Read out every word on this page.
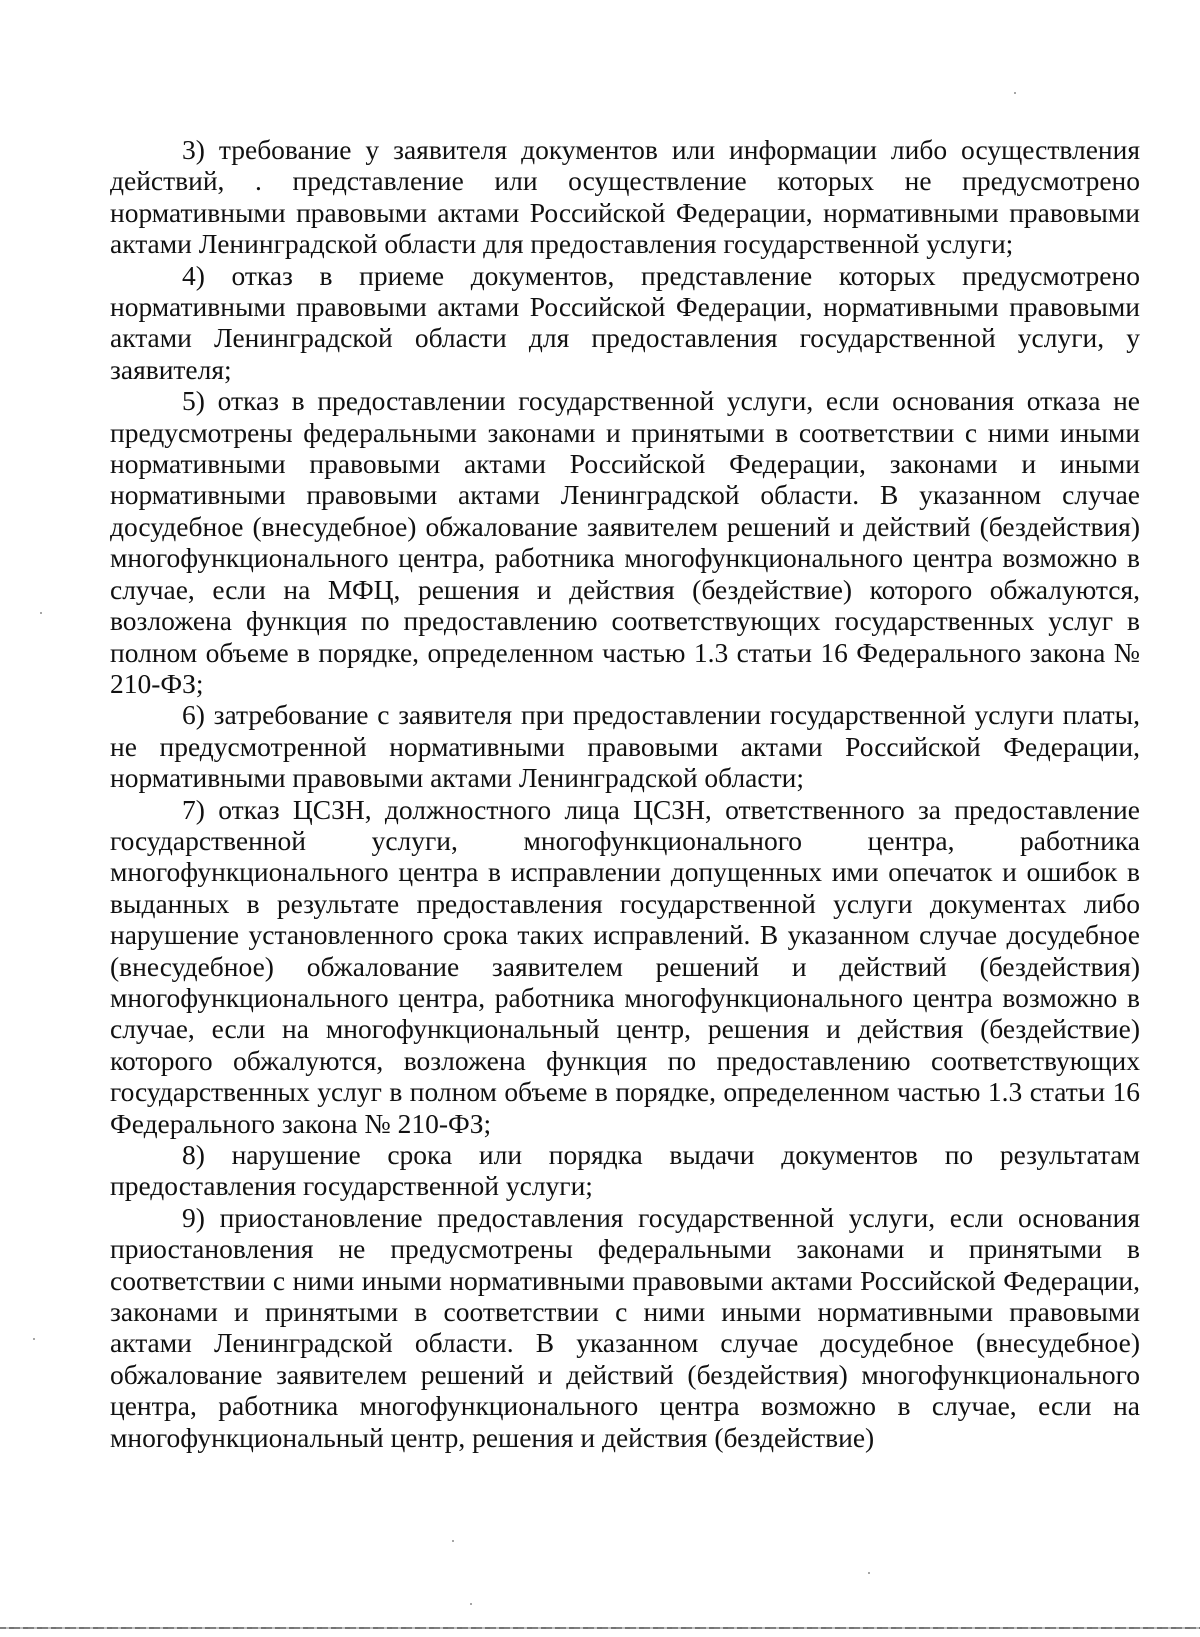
3) требование у заявителя документов или информации либо осуществления действий, . представление или осуществление которых не предусмотрено нормативными правовыми актами Российской Федерации, нормативными правовыми актами Ленинградской области для предоставления государственной услуги;

4) отказ в приеме документов, представление которых предусмотрено нормативными правовыми актами Российской Федерации, нормативными правовыми актами Ленинградской области для предоставления государственной услуги, у заявителя;

5) отказ в предоставлении государственной услуги, если основания отказа не предусмотрены федеральными законами и принятыми в соответствии с ними иными нормативными правовыми актами Российской Федерации, законами и иными нормативными правовыми актами Ленинградской области. В указанном случае досудебное (внесудебное) обжалование заявителем решений и действий (бездействия) многофункционального центра, работника многофункционального центра возможно в случае, если на МФЦ, решения и действия (бездействие) которого обжалуются, возложена функция по предоставлению соответствующих государственных услуг в полном объеме в порядке, определенном частью 1.3 статьи 16 Федерального закона № 210-ФЗ;

6) затребование с заявителя при предоставлении государственной услуги платы, не предусмотренной нормативными правовыми актами Российской Федерации, нормативными правовыми актами Ленинградской области;

7) отказ ЦСЗН, должностного лица ЦСЗН, ответственного за предоставление государственной услуги, многофункционального центра, работника многофункционального центра в исправлении допущенных ими опечаток и ошибок в выданных в результате предоставления государственной услуги документах либо нарушение установленного срока таких исправлений. В указанном случае досудебное (внесудебное) обжалование заявителем решений и действий (бездействия) многофункционального центра, работника многофункционального центра возможно в случае, если на многофункциональный центр, решения и действия (бездействие) которого обжалуются, возложена функция по предоставлению соответствующих государственных услуг в полном объеме в порядке, определенном частью 1.3 статьи 16 Федерального закона № 210-ФЗ;

8) нарушение срока или порядка выдачи документов по результатам предоставления государственной услуги;

9) приостановление предоставления государственной услуги, если основания приостановления не предусмотрены федеральными законами и принятыми в соответствии с ними иными нормативными правовыми актами Российской Федерации, законами и принятыми в соответствии с ними иными нормативными правовыми актами Ленинградской области. В указанном случае досудебное (внесудебное) обжалование заявителем решений и действий (бездействия) многофункционального центра, работника многофункционального центра возможно в случае, если на многофункциональный центр, решения и действия (бездействие)
